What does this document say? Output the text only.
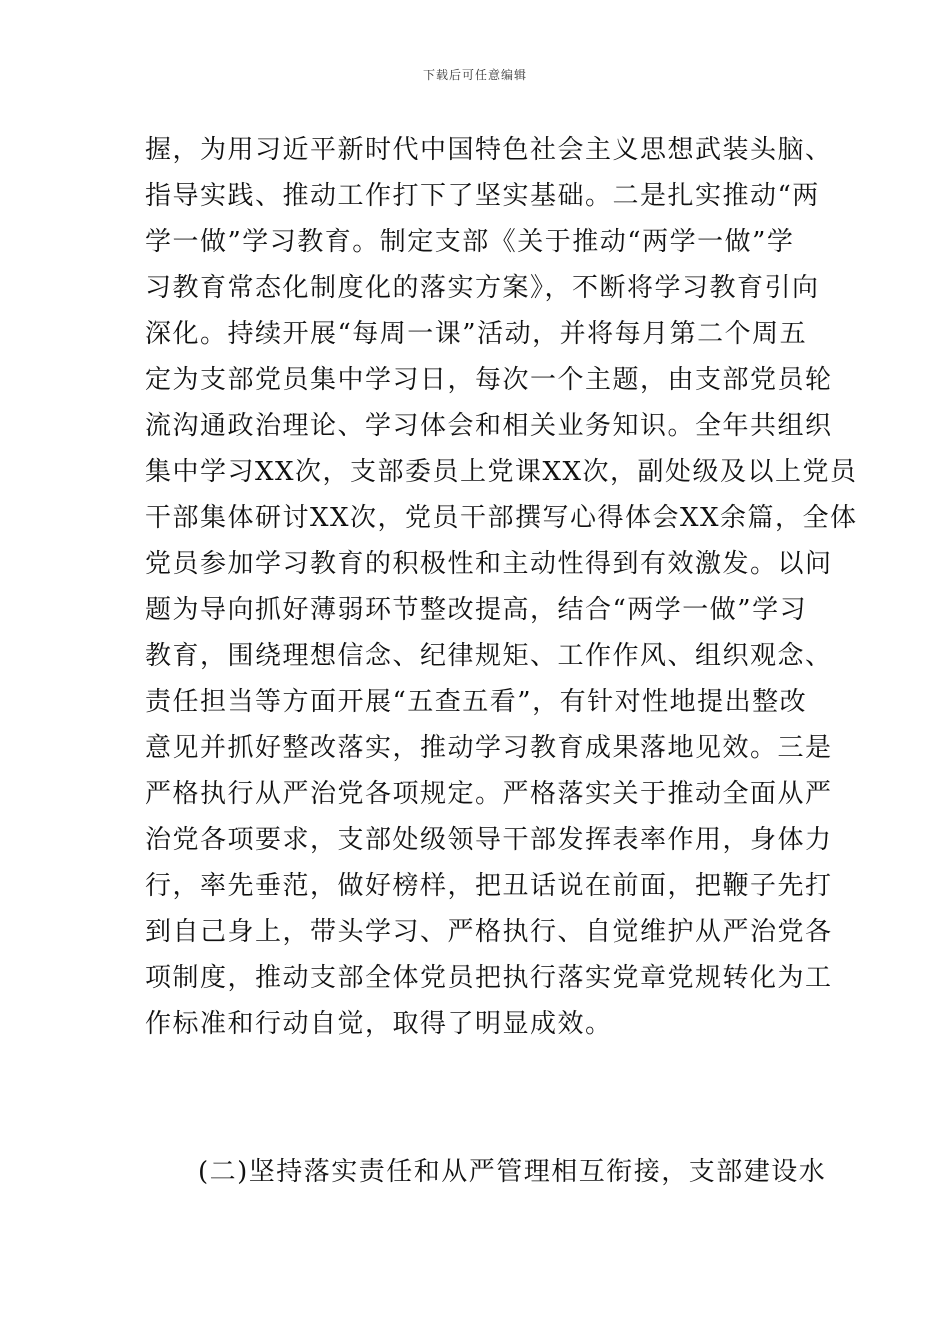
下载后可任意编辑
握，为用习近平新时代中国特色社会主义思想武装头脑、
指导实践、推动工作打下了坚实基础。二是扎实推动“两
学一做”学习教育。制定支部《关于推动“两学一做”学
习教育常态化制度化的落实方案》，不断将学习教育引向
深化。持续开展“每周一课”活动，并将每月第二个周五
定为支部党员集中学习日，每次一个主题，由支部党员轮
流沟通政治理论、学习体会和相关业务知识。全年共组织
集中学习XX次，支部委员上党课XX次，副处级及以上党员
干部集体研讨XX次，党员干部撰写心得体会XX余篇，全体
党员参加学习教育的积极性和主动性得到有效激发。以问
题为导向抓好薄弱环节整改提高，结合“两学一做”学习
教育，围绕理想信念、纪律规矩、工作作风、组织观念、
责任担当等方面开展“五查五看”，有针对性地提出整改
意见并抓好整改落实，推动学习教育成果落地见效。三是
严格执行从严治党各项规定。严格落实关于推动全面从严
治党各项要求，支部处级领导干部发挥表率作用，身体力
行，率先垂范，做好榜样，把丑话说在前面，把鞭子先打
到自己身上，带头学习、严格执行、自觉维护从严治党各
项制度，推动支部全体党员把执行落实党章党规转化为工
作标准和行动自觉，取得了明显成效。
(二)坚持落实责任和从严管理相互衔接，支部建设水
